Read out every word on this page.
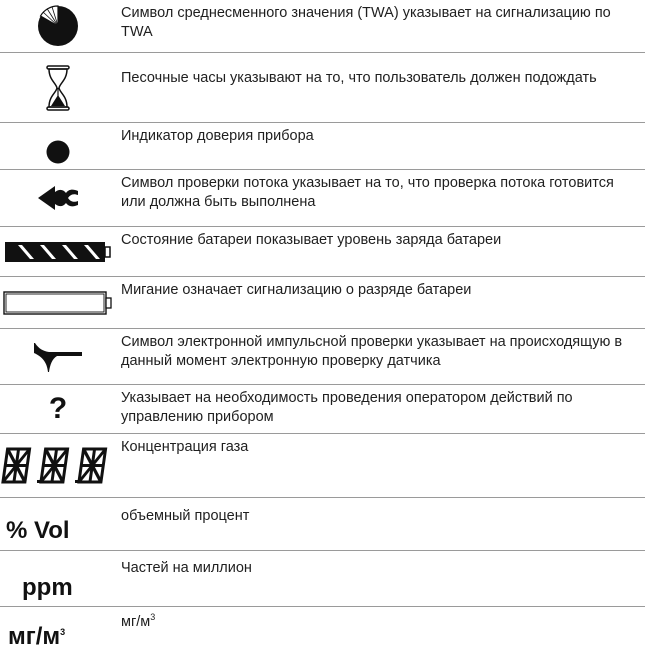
Символ среднесменного значения (TWA) указывает на сигнализацию по TWA
Песочные часы указывают на то, что пользователь должен подождать
Индикатор доверия прибора
Символ проверки потока указывает на то, что проверка потока готовится или должна быть выполнена
Состояние батареи показывает уровень заряда батареи
Мигание означает сигнализацию о разряде батареи
Символ электронной импульсной проверки указывает на происходящую в данный момент электронную проверку датчика
?	Указывает на необходимость проведения оператором действий по управлению прибором
Концентрация газа
% Vol
объемный процент
ppm
Частей на миллион
$мг/м^3$
$мг/м^3$
